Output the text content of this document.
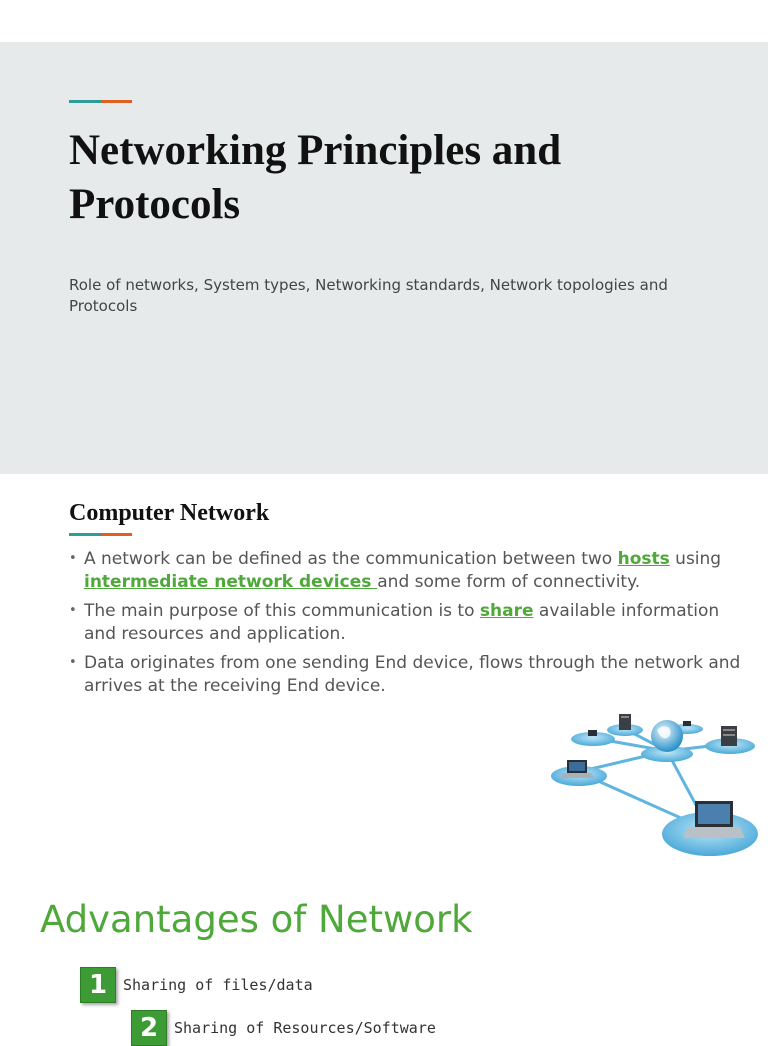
Networking Principles and Protocols

Role of networks, System types, Networking standards, Network topologies and Protocols

Computer Network
• A network can be defined as the communication between two hosts using intermediate network devices and some form of connectivity.
• The main purpose of this communication is to share available information and resources and application.
• Data originates from one sending End device, flows through the network and arrives at the receiving End device.
Advantages of Network
1	Sharing of files/data
2	Sharing of Resources/Software
